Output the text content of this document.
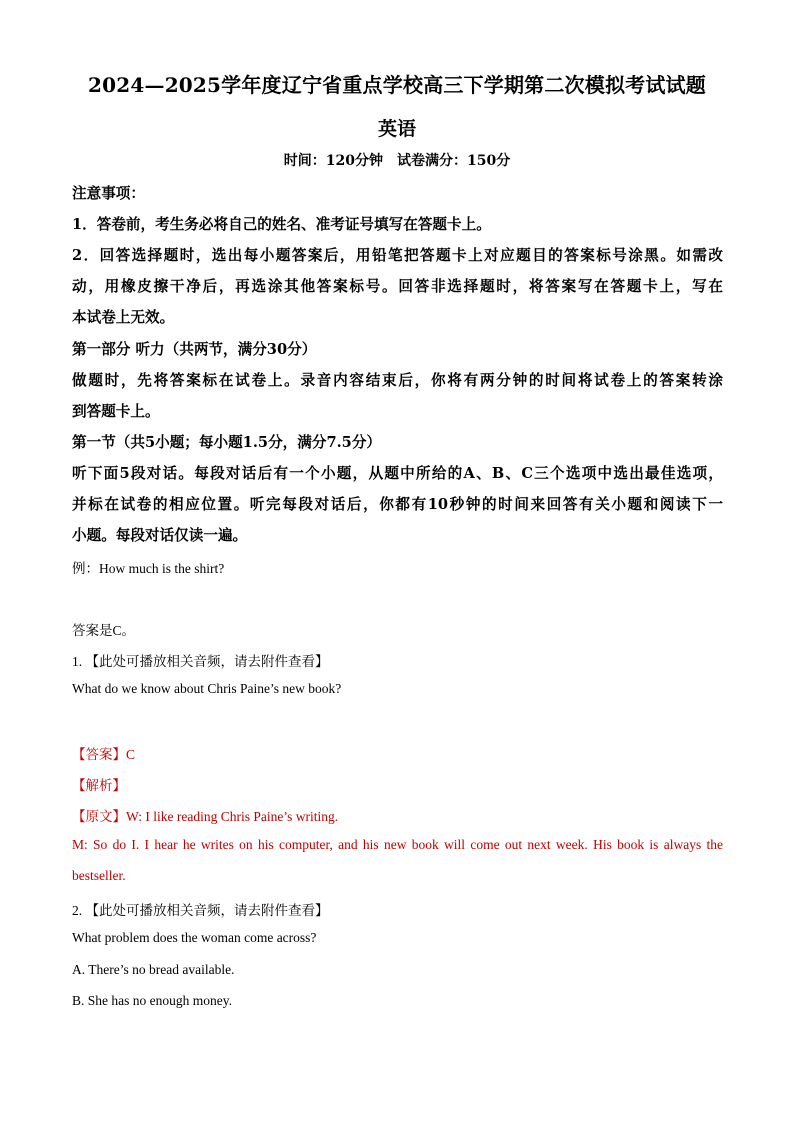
2024—2025学年度辽宁省重点学校高三下学期第二次模拟考试试题
英语
时间：120分钟　试卷满分：150分
注意事项：
1．答卷前，考生务必将自己的姓名、准考证号填写在答题卡上。
2．回答选择题时，选出每小题答案后，用铅笔把答题卡上对应题目的答案标号涂黑。如需改
动，用橡皮擦干净后，再选涂其他答案标号。回答非选择题时，将答案写在答题卡上，写在
本试卷上无效。
第一部分 听力（共两节，满分30分）
做题时，先将答案标在试卷上。录音内容结束后，你将有两分钟的时间将试卷上的答案转涂
到答题卡上。
第一节（共5小题；每小题1.5分，满分7.5分）
听下面5段对话。每段对话后有一个小题，从题中所给的A、B、C三个选项中选出最佳选项，
并标在试卷的相应位置。听完每段对话后，你都有10秒钟的时间来回答有关小题和阅读下一
小题。每段对话仅读一遍。
例：How much is the shirt?
答案是C。
1. 【此处可播放相关音频，请去附件查看】
What do we know about Chris Paine’s new book?
【答案】C
【解析】
【原文】W: I like reading Chris Paine’s writing.
M: So do I. I hear he writes on his computer, and his new book will come out next week. His book is always the
bestseller.
2. 【此处可播放相关音频，请去附件查看】
What problem does the woman come across?
A. There’s no bread available.
B. She has no enough money.
